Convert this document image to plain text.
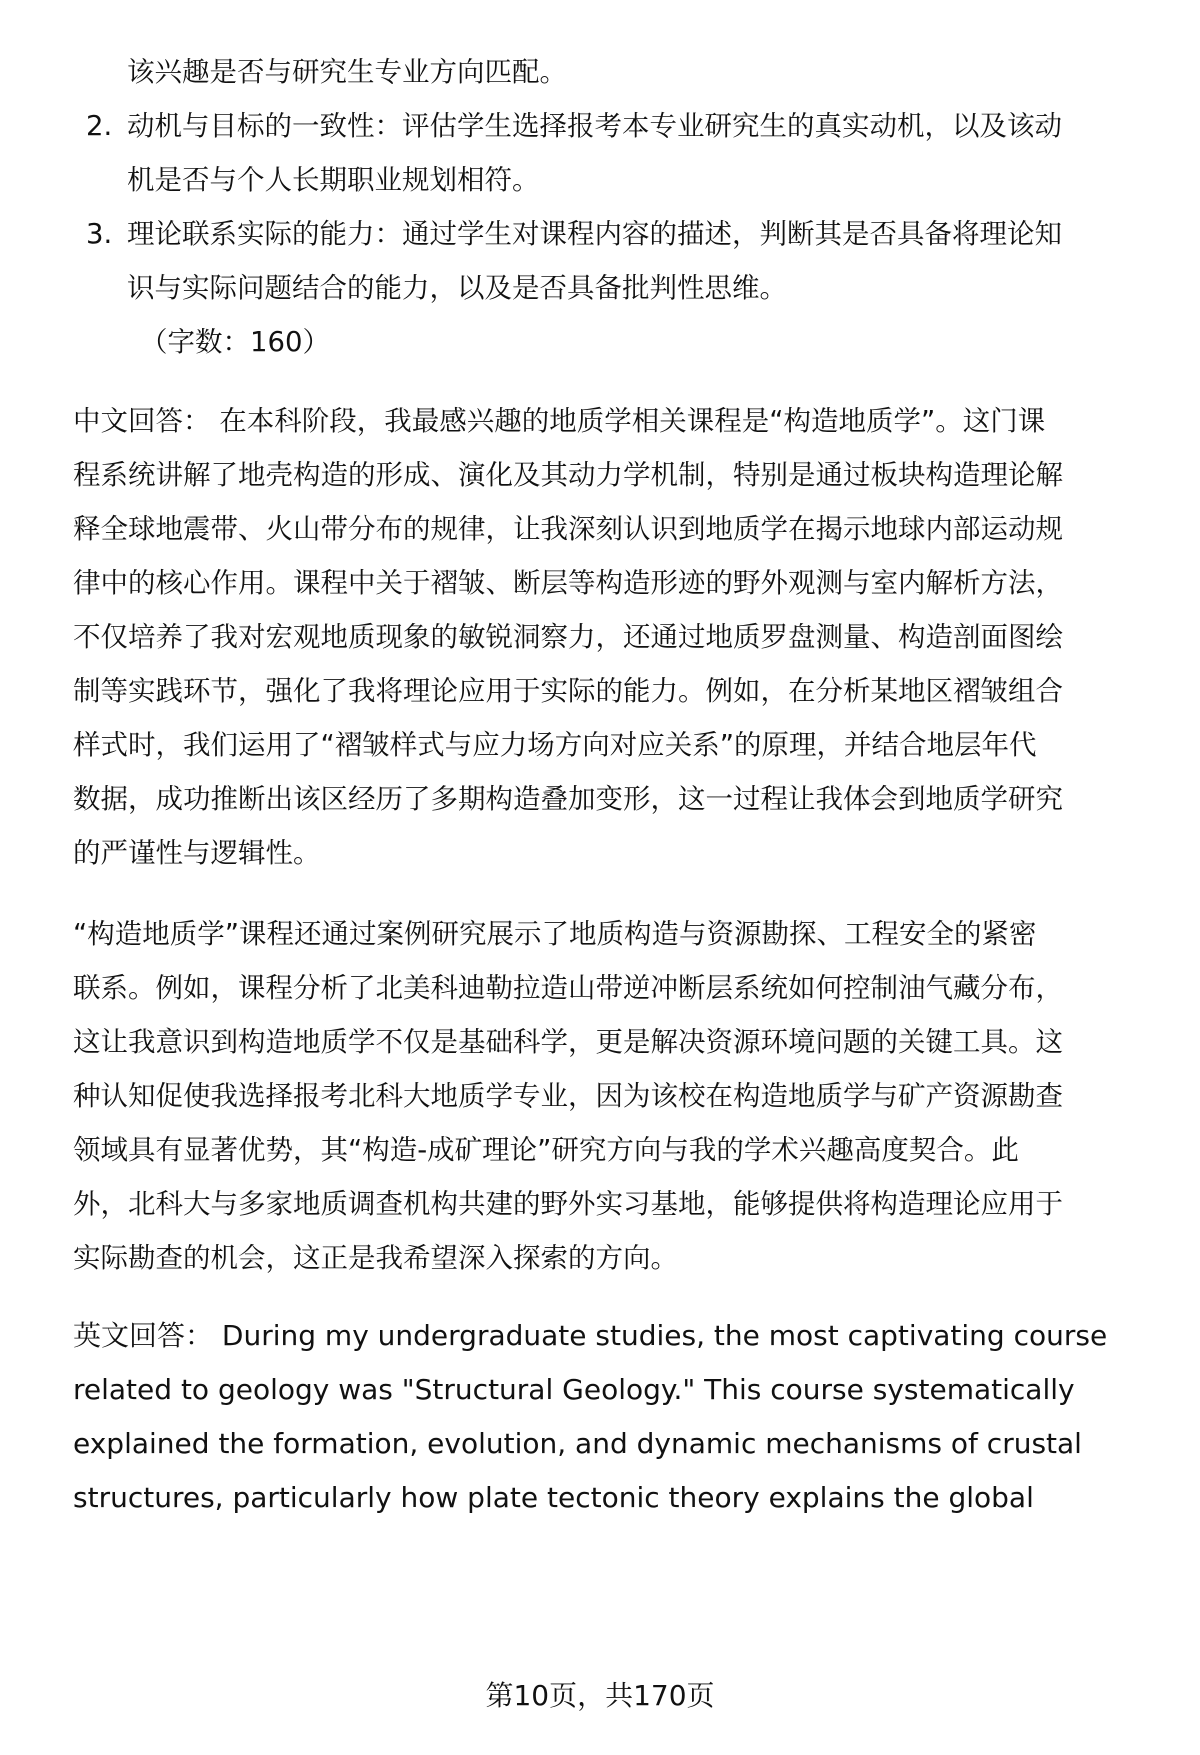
该兴趣是否与研究生专业方向匹配。
2. 动机与目标的一致性：评估学生选择报考本专业研究生的真实动机，以及该动
机是否与个人长期职业规划相符。
3. 理论联系实际的能力：通过学生对课程内容的描述，判断其是否具备将理论知
识与实际问题结合的能力，以及是否具备批判性思维。
（字数：160）
中文回答： 在本科阶段，我最感兴趣的地质学相关课程是“构造地质学”。这门课
程系统讲解了地壳构造的形成、演化及其动力学机制，特别是通过板块构造理论解
释全球地震带、火山带分布的规律，让我深刻认识到地质学在揭示地球内部运动规
律中的核心作用。课程中关于褶皱、断层等构造形迹的野外观测与室内解析方法，
不仅培养了我对宏观地质现象的敏锐洞察力，还通过地质罗盘测量、构造剖面图绘
制等实践环节，强化了我将理论应用于实际的能力。例如，在分析某地区褶皱组合
样式时，我们运用了“褶皱样式与应力场方向对应关系”的原理，并结合地层年代
数据，成功推断出该区经历了多期构造叠加变形，这一过程让我体会到地质学研究
的严谨性与逻辑性。
“构造地质学”课程还通过案例研究展示了地质构造与资源勘探、工程安全的紧密
联系。例如，课程分析了北美科迪勒拉造山带逆冲断层系统如何控制油气藏分布，
这让我意识到构造地质学不仅是基础科学，更是解决资源环境问题的关键工具。这
种认知促使我选择报考北科大地质学专业，因为该校在构造地质学与矿产资源勘查
领域具有显著优势，其“构造-成矿理论”研究方向与我的学术兴趣高度契合。此
外，北科大与多家地质调查机构共建的野外实习基地，能够提供将构造理论应用于
实际勘查的机会，这正是我希望深入探索的方向。
英文回答： During my undergraduate studies, the most captivating course
related to geology was "Structural Geology." This course systematically
explained the formation, evolution, and dynamic mechanisms of crustal
structures, particularly how plate tectonic theory explains the global
第10页，共170页
